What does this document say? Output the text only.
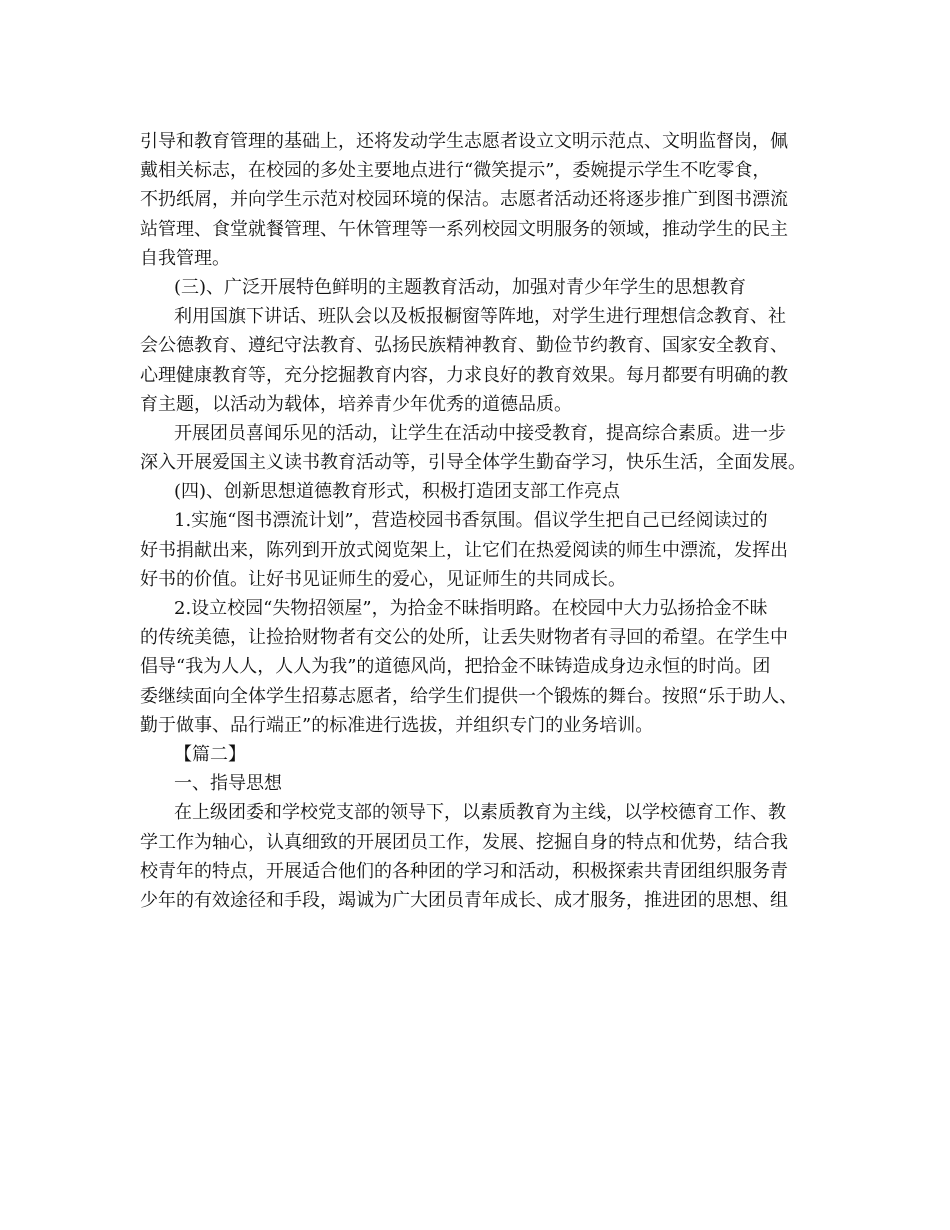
引导和教育管理的基础上，还将发动学生志愿者设立文明示范点、文明监督岗，佩
戴相关标志，在校园的多处主要地点进行“微笑提示”，委婉提示学生不吃零食，
不扔纸屑，并向学生示范对校园环境的保洁。志愿者活动还将逐步推广到图书漂流
站管理、食堂就餐管理、午休管理等一系列校园文明服务的领域，推动学生的民主
自我管理。
(三)、广泛开展特色鲜明的主题教育活动，加强对青少年学生的思想教育
利用国旗下讲话、班队会以及板报橱窗等阵地，对学生进行理想信念教育、社
会公德教育、遵纪守法教育、弘扬民族精神教育、勤俭节约教育、国家安全教育、
心理健康教育等，充分挖掘教育内容，力求良好的教育效果。每月都要有明确的教
育主题，以活动为载体，培养青少年优秀的道德品质。
开展团员喜闻乐见的活动，让学生在活动中接受教育，提高综合素质。进一步
深入开展爱国主义读书教育活动等，引导全体学生勤奋学习，快乐生活，全面发展。
(四)、创新思想道德教育形式，积极打造团支部工作亮点
1.实施“图书漂流计划”，营造校园书香氛围。倡议学生把自己已经阅读过的
好书捐献出来，陈列到开放式阅览架上，让它们在热爱阅读的师生中漂流，发挥出
好书的价值。让好书见证师生的爱心，见证师生的共同成长。
2.设立校园“失物招领屋”，为拾金不昧指明路。在校园中大力弘扬拾金不昧
的传统美德，让捡拾财物者有交公的处所，让丢失财物者有寻回的希望。在学生中
倡导“我为人人，人人为我”的道德风尚，把拾金不昧铸造成身边永恒的时尚。团
委继续面向全体学生招募志愿者，给学生们提供一个锻炼的舞台。按照“乐于助人、
勤于做事、品行端正”的标准进行选拔，并组织专门的业务培训。
【篇二】
一、指导思想
在上级团委和学校党支部的领导下，以素质教育为主线，以学校德育工作、教
学工作为轴心，认真细致的开展团员工作，发展、挖掘自身的特点和优势，结合我
校青年的特点，开展适合他们的各种团的学习和活动，积极探索共青团组织服务青
少年的有效途径和手段，竭诚为广大团员青年成长、成才服务，推进团的思想、组
